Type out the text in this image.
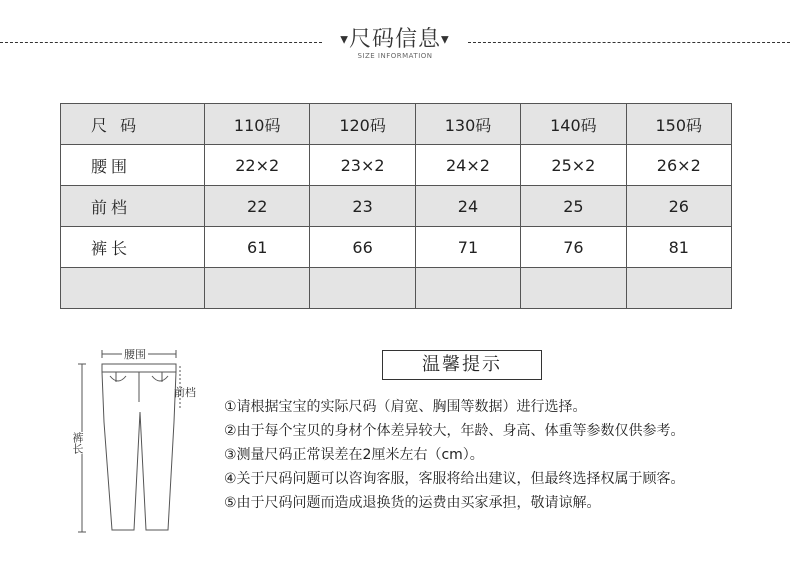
▼尺码信息▼
SIZE INFORMATION
尺 码	110码	120码	130码	140码	150码
腰围	22×2	23×2	24×2	25×2	26×2
前档	22	23	24	25	26
裤长	61	66	71	76	81

腰围
前档
裤长
温馨提示
①请根据宝宝的实际尺码（肩宽、胸围等数据）进行选择。
②由于每个宝贝的身材个体差异较大，年龄、身高、体重等参数仅供参考。
③测量尺码正常误差在2厘米左右（cm）。
④关于尺码问题可以咨询客服，客服将给出建议，但最终选择权属于顾客。
⑤由于尺码问题而造成退换货的运费由买家承担，敬请谅解。
